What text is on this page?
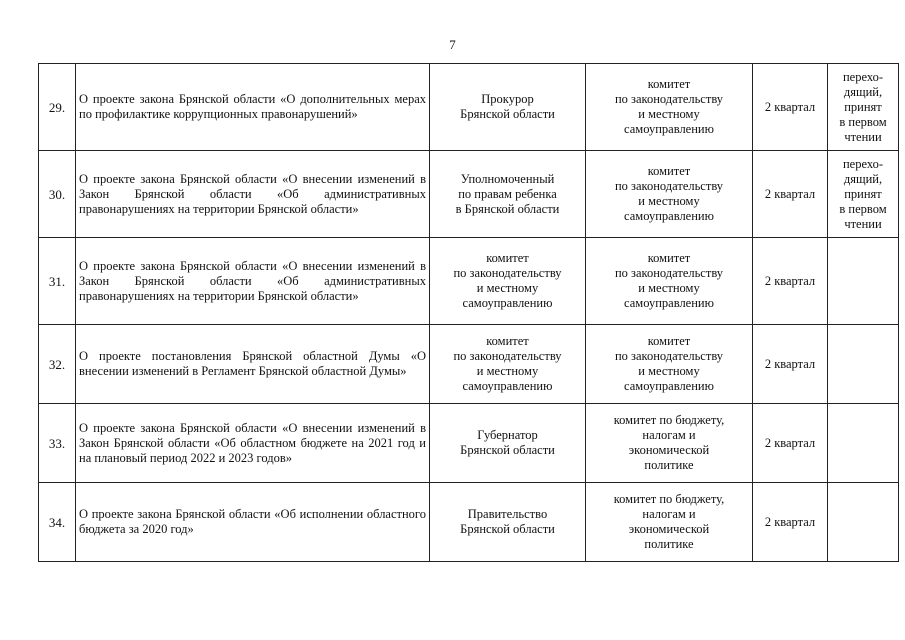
7
29.	О проекте закона Брянской области «О дополнительных мерах по профилактике коррупционных правонарушений»	Прокурор
Брянской области	комитет
по законодательству
и местному
самоуправлению	2 квартал	перехо-
дящий,
принят
в первом
чтении

30.	О проекте закона Брянской области «О внесении изменений в Закон Брянской области «Об административных правонарушениях на территории Брянской области»	Уполномоченный
по правам ребенка
в Брянской области	комитет
по законодательству
и местному
самоуправлению	2 квартал	перехо-
дящий,
принят
в первом
чтении

31.	О проекте закона Брянской области «О внесении изменений в Закон Брянской области «Об административных правонарушениях на территории Брянской области»	комитет
по законодательству
и местному
самоуправлению	комитет
по законодательству
и местному
самоуправлению	2 квартал	
32.	О проекте постановления Брянской областной Думы «О внесении изменений в Регламент Брянской областной Думы»	комитет
по законодательству
и местному
самоуправлению	комитет
по законодательству
и местному
самоуправлению	2 квартал	
33.	О проекте закона Брянской области «О внесении изменений в Закон Брянской области «Об областном бюджете на 2021 год и на плановый период 2022 и 2023 годов»	Губернатор
Брянской области	комитет по бюджету,
налогам и
экономической
политике	2 квартал	
34.	О проекте закона Брянской области «Об исполнении областного бюджета за 2020 год»	Правительство
Брянской области	комитет по бюджету,
налогам и
экономической
политике	2 квартал	
